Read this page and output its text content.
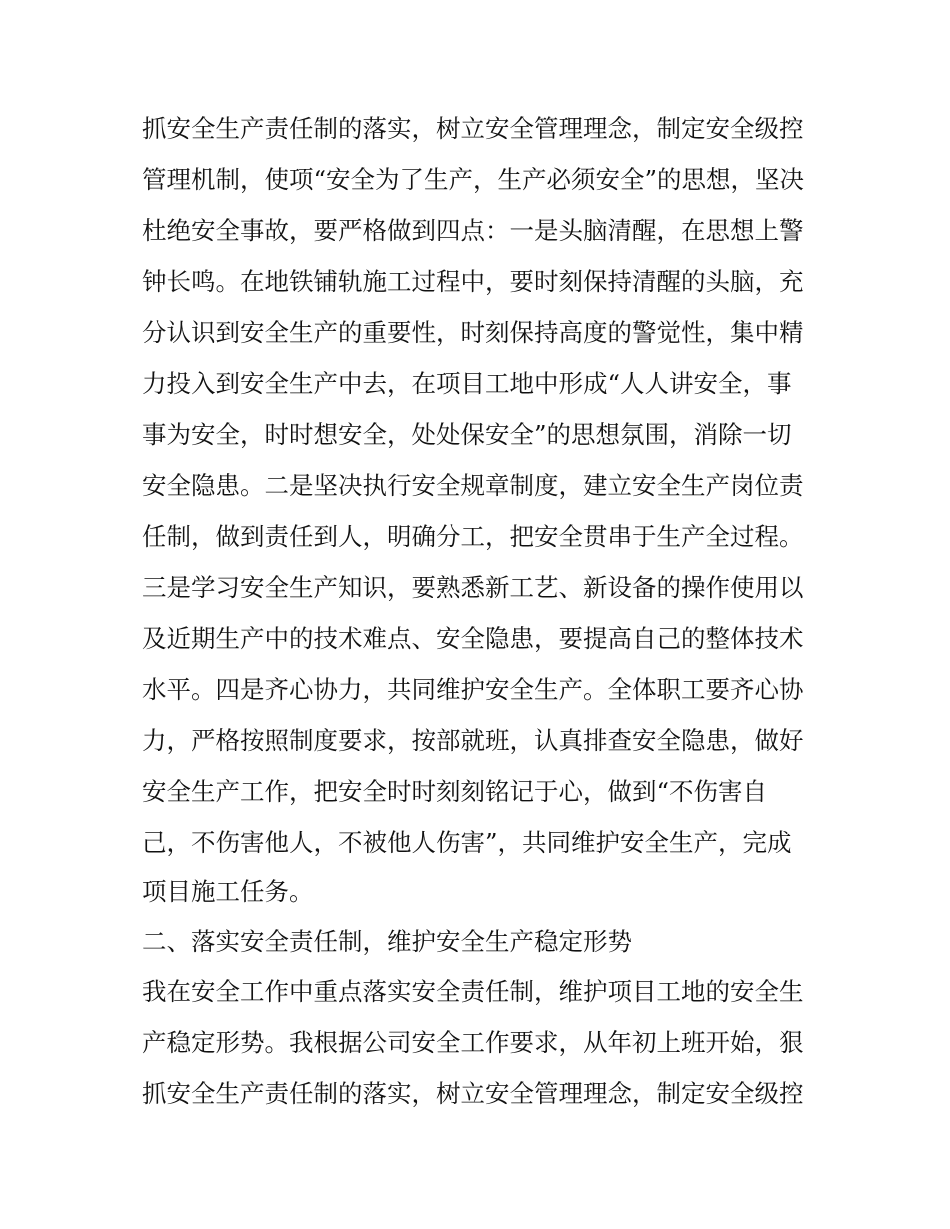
抓安全生产责任制的落实，树立安全管理理念，制定安全级控
管理机制，使项“安全为了生产，生产必须安全”的思想，坚决
杜绝安全事故，要严格做到四点：一是头脑清醒，在思想上警
钟长鸣。在地铁铺轨施工过程中，要时刻保持清醒的头脑，充
分认识到安全生产的重要性，时刻保持高度的警觉性，集中精
力投入到安全生产中去，在项目工地中形成“人人讲安全，事
事为安全，时时想安全，处处保安全”的思想氛围，消除一切
安全隐患。二是坚决执行安全规章制度，建立安全生产岗位责
任制，做到责任到人，明确分工，把安全贯串于生产全过程。
三是学习安全生产知识，要熟悉新工艺、新设备的操作使用以
及近期生产中的技术难点、安全隐患，要提高自己的整体技术
水平。四是齐心协力，共同维护安全生产。全体职工要齐心协
力，严格按照制度要求，按部就班，认真排查安全隐患，做好
安全生产工作，把安全时时刻刻铭记于心，做到“不伤害自
己，不伤害他人，不被他人伤害”，共同维护安全生产，完成
项目施工任务。
二、落实安全责任制，维护安全生产稳定形势
我在安全工作中重点落实安全责任制，维护项目工地的安全生
产稳定形势。我根据公司安全工作要求，从年初上班开始，狠
抓安全生产责任制的落实，树立安全管理理念，制定安全级控
